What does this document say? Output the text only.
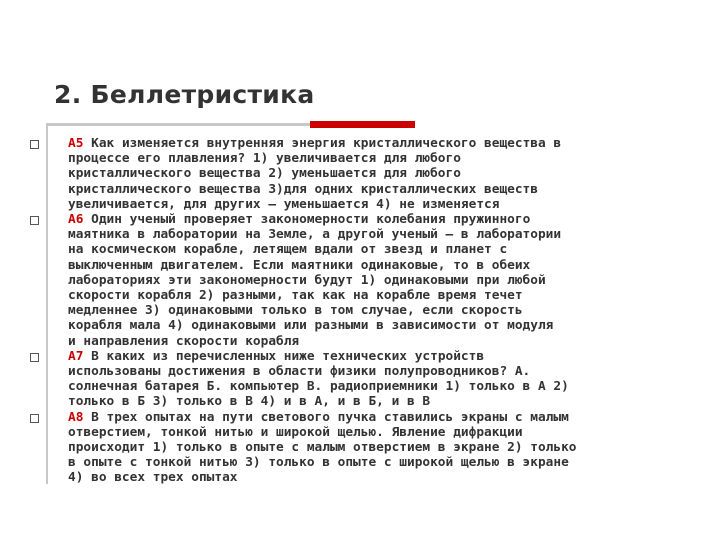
2. Беллетристика
А5 Как изменяется внутренняя энергия кристаллического вещества в
процессе его плавления? 1) увеличивается для любого
кристаллического вещества 2) уменьшается для любого
кристаллического вещества 3)для одних кристаллических веществ
увеличивается, для других – уменьшается 4) не изменяется
А6 Один ученый проверяет закономерности колебания пружинного
маятника в лаборатории на Земле, а другой ученый – в лаборатории
на космическом корабле, летящем вдали от звезд и планет с
выключенным двигателем. Если маятники одинаковые, то в обеих
лабораториях эти закономерности будут 1) одинаковыми при любой
скорости корабля 2) разными, так как на корабле время течет
медленнее 3) одинаковыми только в том случае, если скорость
корабля мала 4) одинаковыми или разными в зависимости от модуля
и направления скорости корабля
А7 В каких из перечисленных ниже технических устройств
использованы достижения в области физики полупроводников? А.
солнечная батарея Б. компьютер В. радиоприемники 1) только в А 2)
только в Б 3) только в В 4) и в А, и в Б, и в В
А8 В трех опытах на пути светового пучка ставились экраны с малым
отверстием, тонкой нитью и широкой щелью. Явление дифракции
происходит 1) только в опыте с малым отверстием в экране 2) только
в опыте с тонкой нитью 3) только в опыте с широкой щелью в экране
4) во всех трех опытах
